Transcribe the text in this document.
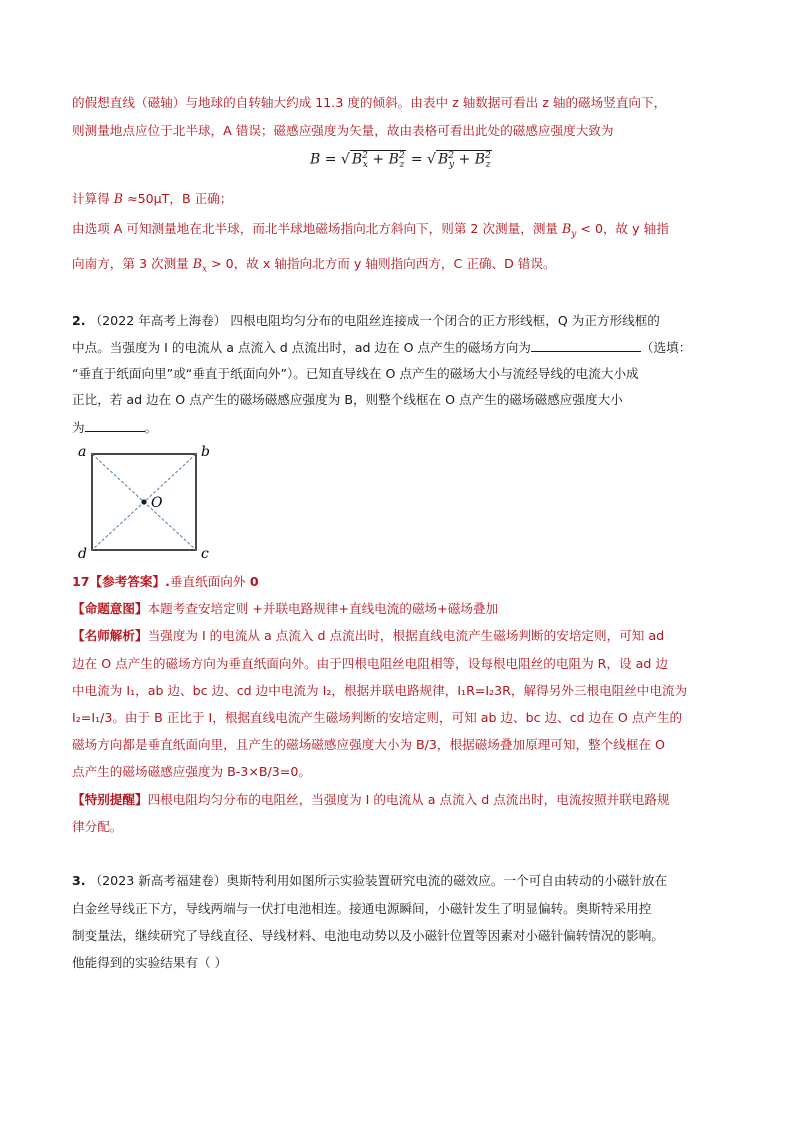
的假想直线（磁轴）与地球的自转轴大约成 11.3 度的倾斜。由表中 z 轴数据可看出 z 轴的磁场竖直向下，
则测量地点应位于北半球，A 错误；磁感应强度为矢量，故由表格可看出此处的磁感应强度大致为
B = √ $B^2_x + B^2_z$ = √ $B^2_y + B^2_z$
计算得 B ≈50μT，B 正确；
由选项 A 可知测量地在北半球，而北半球地磁场指向北方斜向下，则第 2 次测量，测量 $B_y < 0$，故 y 轴指
向南方，第 3 次测量 $B_x > 0$，故 x 轴指向北方而 y 轴则指向西方，C 正确、D 错误。
2. （2022 年高考上海卷） 四根电阻均匀分布的电阻丝连接成一个闭合的正方形线框，Q 为正方形线框的
中点。当强度为 I 的电流从 a 点流入 d 点流出时，ad 边在 O 点产生的磁场方向为	（选填：
“垂直于纸面向里”或“垂直于纸面向外”）。已知直导线在 O 点产生的磁场大小与流经导线的电流大小成
正比，若 ad 边在 O 点产生的磁场磁感应强度为 B，则整个线框在 O 点产生的磁场磁感应强度大小
为	。
a	b
c
d
O
17【参考答案】.垂直纸面向外 0
【命题意图】本题考查安培定则 +并联电路规律+直线电流的磁场+磁场叠加
【名师解析】当强度为 I 的电流从 a 点流入 d 点流出时，根据直线电流产生磁场判断的安培定则，可知 ad
边在 O 点产生的磁场方向为垂直纸面向外。由于四根电阻丝电阻相等，设每根电阻丝的电阻为 R，设 ad 边
中电流为 I₁，ab 边、bc 边、cd 边中电流为 I₂，根据并联电路规律，I₁R=I₂3R，解得另外三根电阻丝中电流为
I₂=I₁/3。由于 B 正比于 I，根据直线电流产生磁场判断的安培定则，可知 ab 边、bc 边、cd 边在 O 点产生的
磁场方向都是垂直纸面向里，且产生的磁场磁感应强度大小为 B/3，根据磁场叠加原理可知，整个线框在 O
点产生的磁场磁感应强度为 B-3×B/3=0。
【特别提醒】四根电阻均匀分布的电阻丝，当强度为 I 的电流从 a 点流入 d 点流出时，电流按照并联电路规
律分配。
3. （2023 新高考福建卷）奥斯特利用如图所示实验装置研究电流的磁效应。一个可自由转动的小磁针放在
白金丝导线正下方，导线两端与一伏打电池相连。接通电源瞬间，小磁针发生了明显偏转。奥斯特采用控
制变量法，继续研究了导线直径、导线材料、电池电动势以及小磁针位置等因素对小磁针偏转情况的影响。
他能得到的实验结果有（ ）
